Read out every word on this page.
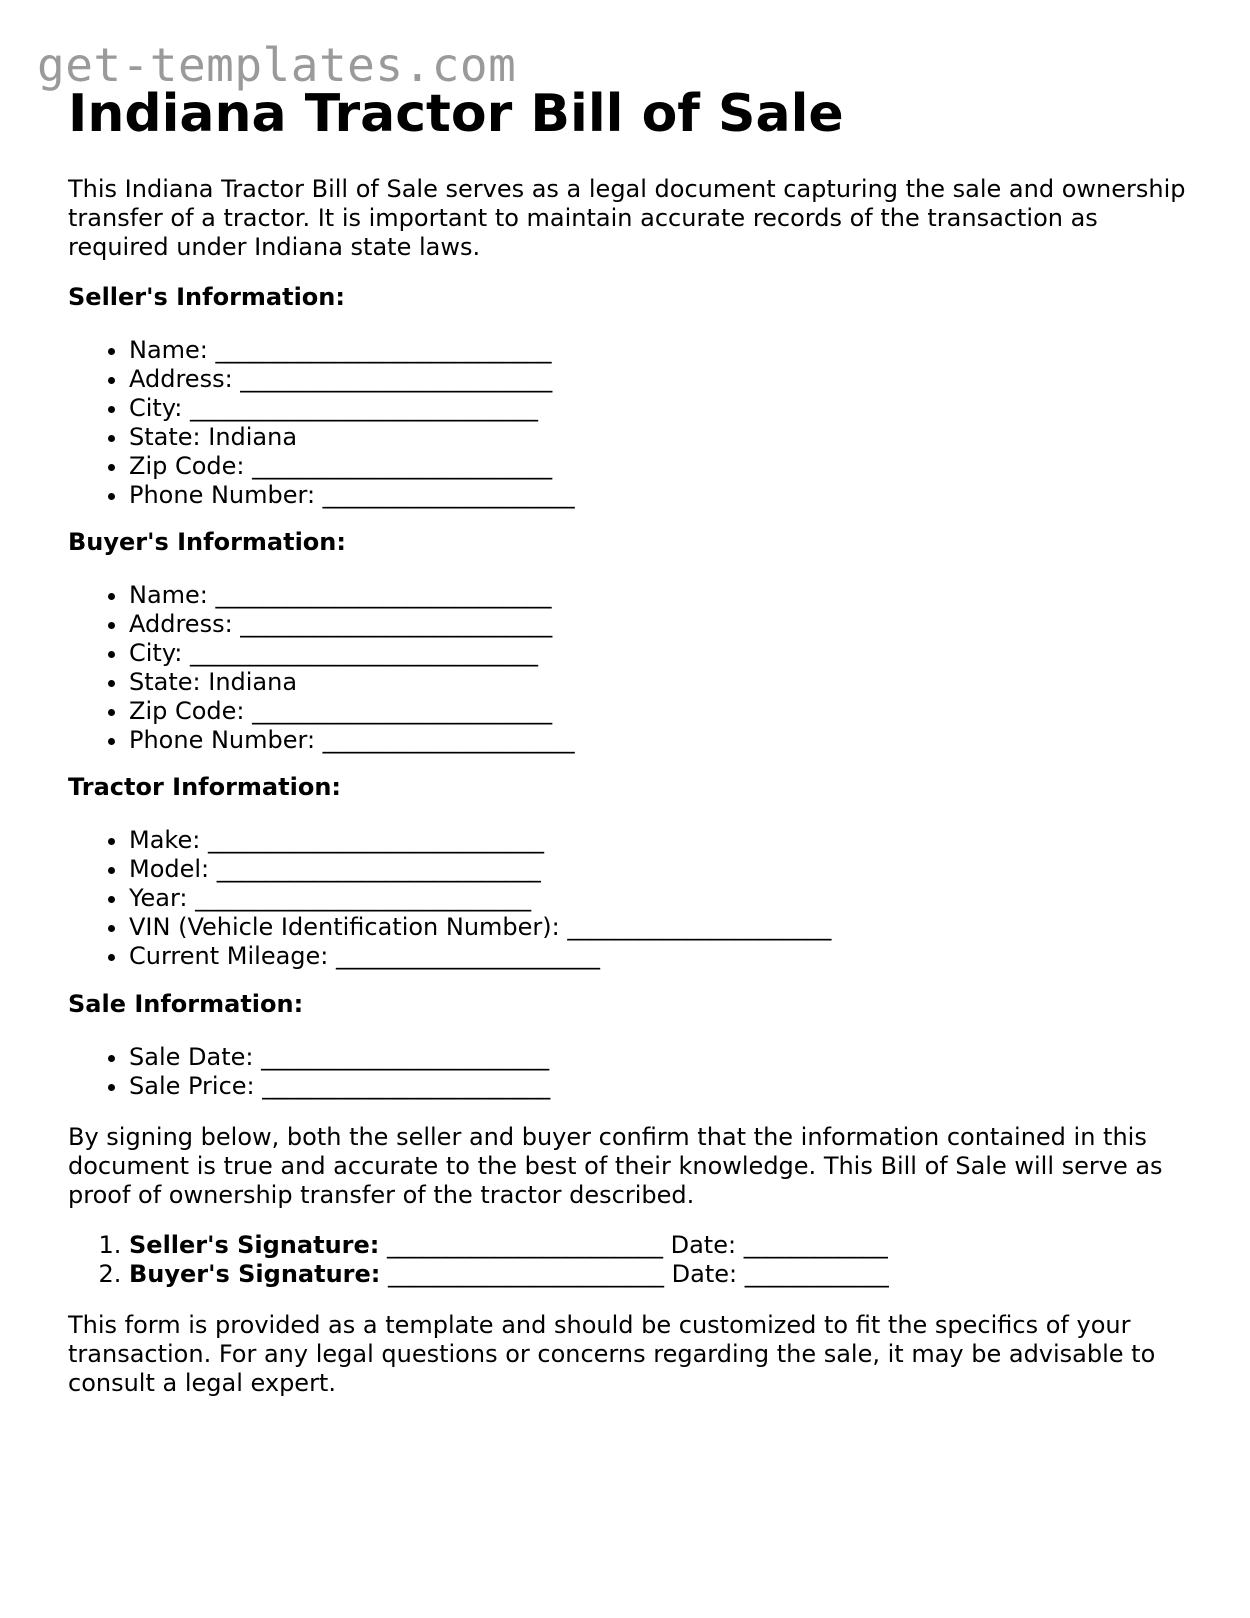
get-templates.com
Indiana Tractor Bill of Sale

This Indiana Tractor Bill of Sale serves as a legal document capturing the sale and ownership transfer of a tractor. It is important to maintain accurate records of the transaction as required under Indiana state laws.

Seller's Information:
• Name: ____________________________
• Address: __________________________
• City: _____________________________
• State: Indiana
• Zip Code: _________________________
• Phone Number: _____________________
Buyer's Information:
• Name: ____________________________
• Address: __________________________
• City: _____________________________
• State: Indiana
• Zip Code: _________________________
• Phone Number: _____________________
Tractor Information:
• Make: ____________________________
• Model: ___________________________
• Year: ____________________________
• VIN (Vehicle Identification Number): ______________________
• Current Mileage: ______________________
Sale Information:
• Sale Date: ________________________
• Sale Price: ________________________

By signing below, both the seller and buyer confirm that the information contained in this document is true and accurate to the best of their knowledge. This Bill of Sale will serve as proof of ownership transfer of the tractor described.

1. Seller's Signature: _______________________ Date: ____________
2. Buyer's Signature: _______________________ Date: ____________

This form is provided as a template and should be customized to fit the specifics of your transaction. For any legal questions or concerns regarding the sale, it may be advisable to consult a legal expert.
